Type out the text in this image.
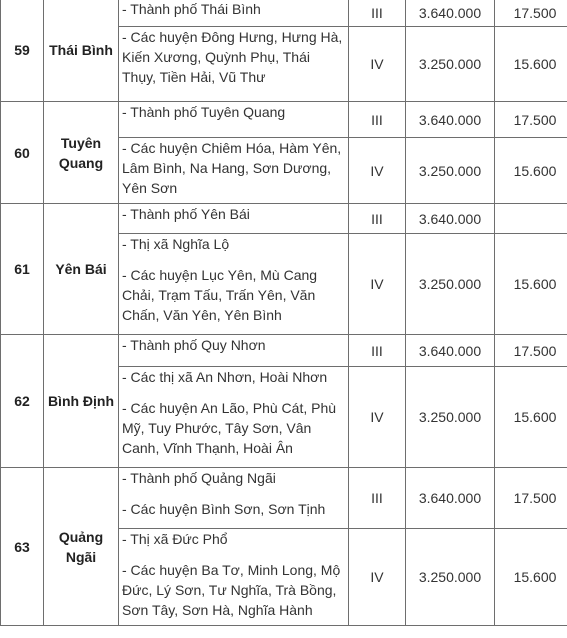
59	Thái Bình	- Thành phố Thái Bình	III	3.640.000	17.500

		- Các huyện Đông Hưng, Hưng Hà,
Kiến Xương, Quỳnh Phụ, Thái
Thụy, Tiền Hải, Vũ Thư	IV	3.250.000	15.600
60	Tuyên
Quang	- Thành phố Tuyên Quang	III	3.640.000	17.500

		- Các huyện Chiêm Hóa, Hàm Yên,
Lâm Bình, Na Hang, Sơn Dương,
Yên Sơn	IV	3.250.000	15.600
61	Yên Bái	- Thành phố Yên Bái	III	3.640.000	

		- Thị xã Nghĩa Lộ
- Các huyện Lục Yên, Mù Cang
Chải, Trạm Tấu, Trấn Yên, Văn
Chấn, Văn Yên, Yên Bình	IV	3.250.000	15.600
62	Bình Định	- Thành phố Quy Nhơn	III	3.640.000	17.500

		- Các thị xã An Nhơn, Hoài Nhơn
- Các huyện An Lão, Phù Cát, Phù
Mỹ, Tuy Phước, Tây Sơn, Vân
Canh, Vĩnh Thạnh, Hoài Ân	IV	3.250.000	15.600
63	Quảng
Ngãi	- Thành phố Quảng Ngãi
- Các huyện Bình Sơn, Sơn Tịnh	III	3.640.000	17.500

		- Thị xã Đức Phổ
- Các huyện Ba Tơ, Minh Long, Mộ
Đức, Lý Sơn, Tư Nghĩa, Trà Bồng,
Sơn Tây, Sơn Hà, Nghĩa Hành	IV	3.250.000	15.600
